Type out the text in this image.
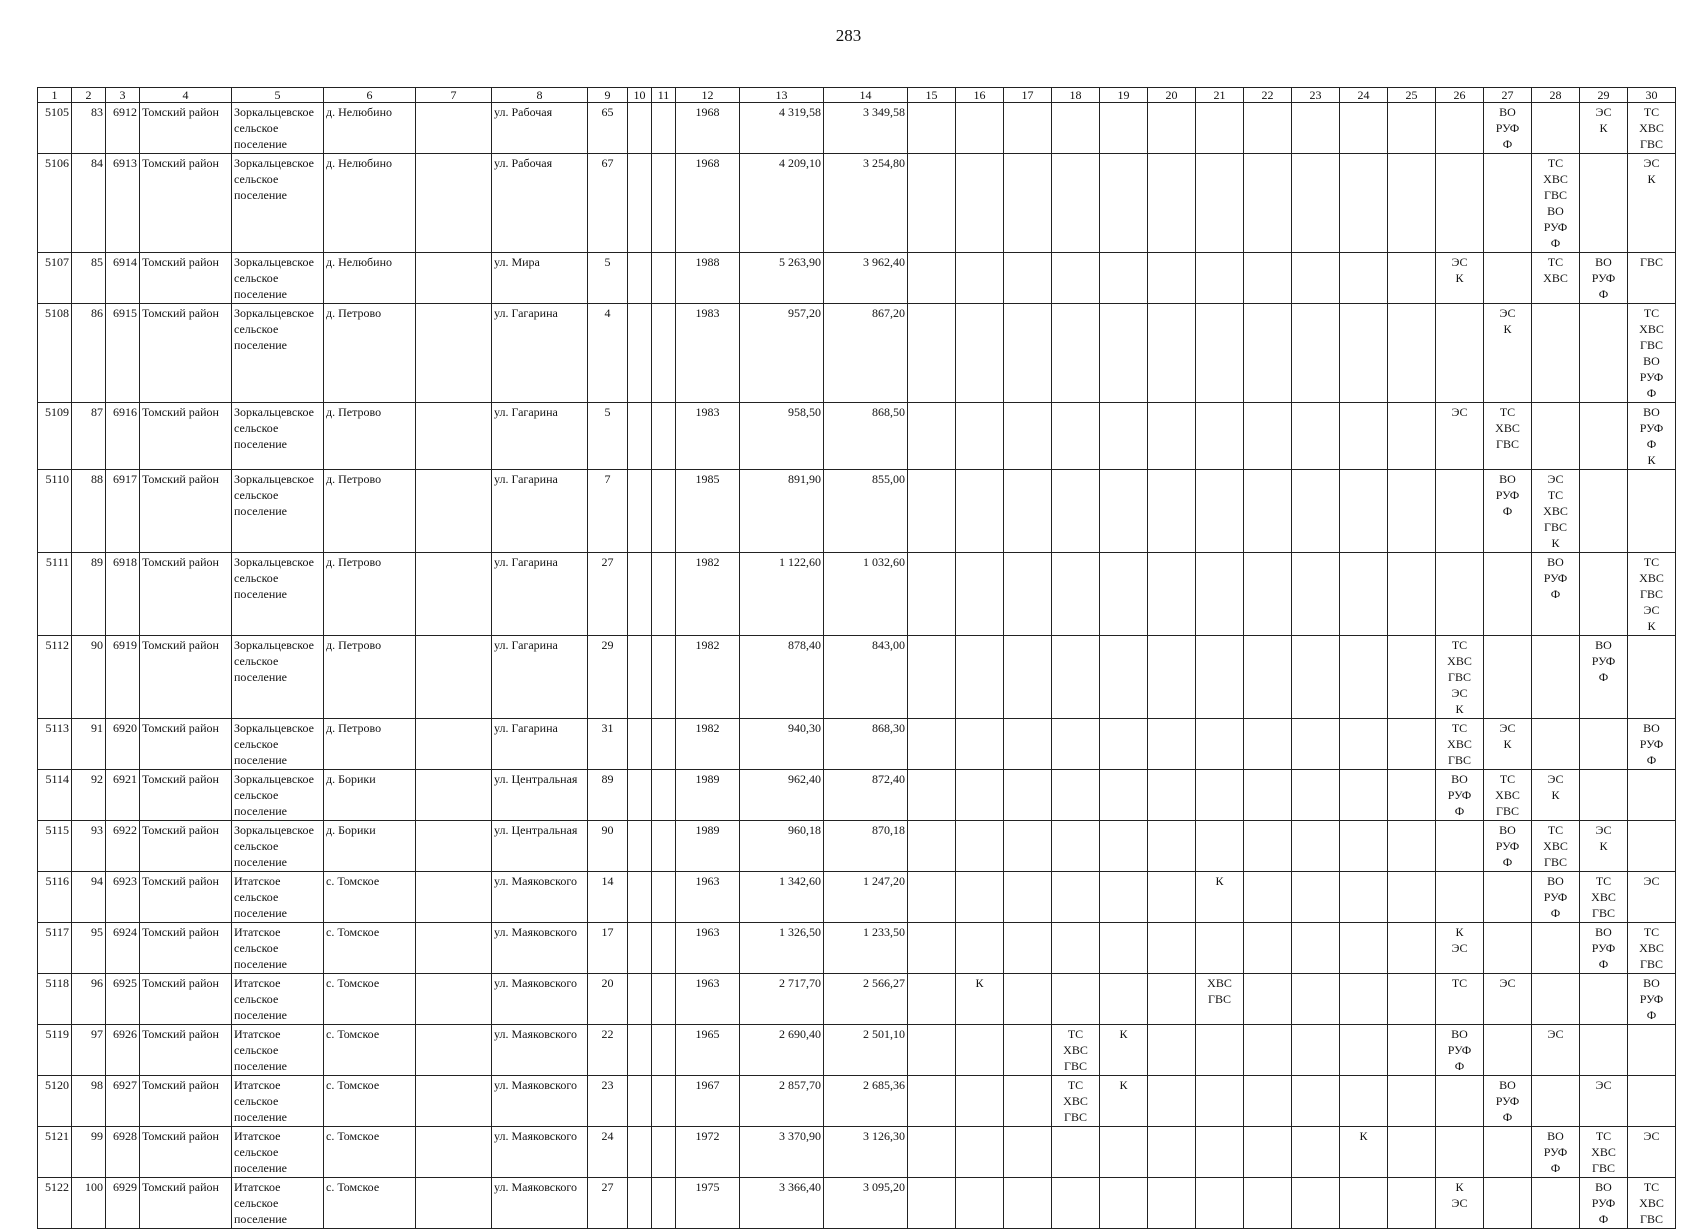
283
1	2	3	4	5	6	7	8	9	10	11	12	13	14	15	16	17	18	19	20	21	22	23	24	25	26	27	28	29	30
5105	83	6912	Томский район	Зоркальцевское сельское поселение	д. Нелюбино		ул. Рабочая	65			1968	4 319,58	3 349,58													ВО РУФ Ф		ЭС К	ТС ХВС ГВС
5106	84	6913	Томский район	Зоркальцевское сельское поселение	д. Нелюбино		ул. Рабочая	67			1968	4 209,10	3 254,80														ТС ХВС ГВС ВО РУФ Ф		ЭС К
5107	85	6914	Томский район	Зоркальцевское сельское поселение	д. Нелюбино		ул. Мира	5			1988	5 263,90	3 962,40												ЭС К		ТС ХВС	ВО РУФ Ф	ГВС
5108	86	6915	Томский район	Зоркальцевское сельское поселение	д. Петрово		ул. Гагарина	4			1983	957,20	867,20													ЭС К			ТС ХВС ГВС ВО РУФ Ф
5109	87	6916	Томский район	Зоркальцевское сельское поселение	д. Петрово		ул. Гагарина	5			1983	958,50	868,50												ЭС	ТС ХВС ГВС			ВО РУФ Ф К
5110	88	6917	Томский район	Зоркальцевское сельское поселение	д. Петрово		ул. Гагарина	7			1985	891,90	855,00													ВО РУФ Ф	ЭС ТС ХВС ГВС К		
5111	89	6918	Томский район	Зоркальцевское сельское поселение	д. Петрово		ул. Гагарина	27			1982	1 122,60	1 032,60														ВО РУФ Ф		ТС ХВС ГВС ЭС К
5112	90	6919	Томский район	Зоркальцевское сельское поселение	д. Петрово		ул. Гагарина	29			1982	878,40	843,00												ТС ХВС ГВС ЭС К			ВО РУФ Ф	
5113	91	6920	Томский район	Зоркальцевское сельское поселение	д. Петрово		ул. Гагарина	31			1982	940,30	868,30												ТС ХВС ГВС	ЭС К			ВО РУФ Ф
5114	92	6921	Томский район	Зоркальцевское сельское поселение	д. Борики		ул. Центральная	89			1989	962,40	872,40												ВО РУФ Ф	ТС ХВС ГВС	ЭС К		
5115	93	6922	Томский район	Зоркальцевское сельское поселение	д. Борики		ул. Центральная	90			1989	960,18	870,18													ВО РУФ Ф	ТС ХВС ГВС	ЭС К	
5116	94	6923	Томский район	Итатское сельское поселение	с. Томское		ул. Маяковского	14			1963	1 342,60	1 247,20							К							ВО РУФ Ф	ТС ХВС ГВС	ЭС
5117	95	6924	Томский район	Итатское сельское поселение	с. Томское		ул. Маяковского	17			1963	1 326,50	1 233,50												К ЭС			ВО РУФ Ф	ТС ХВС ГВС
5118	96	6925	Томский район	Итатское сельское поселение	с. Томское		ул. Маяковского	20			1963	2 717,70	2 566,27		К					ХВС ГВС					ТС	ЭС			ВО РУФ Ф
5119	97	6926	Томский район	Итатское сельское поселение	с. Томское		ул. Маяковского	22			1965	2 690,40	2 501,10				ТС ХВС ГВС	К							ВО РУФ Ф		ЭС		
5120	98	6927	Томский район	Итатское сельское поселение	с. Томское		ул. Маяковского	23			1967	2 857,70	2 685,36				ТС ХВС ГВС	К								ВО РУФ Ф		ЭС	
5121	99	6928	Томский район	Итатское сельское поселение	с. Томское		ул. Маяковского	24			1972	3 370,90	3 126,30										К				ВО РУФ Ф	ТС ХВС ГВС	ЭС
5122	100	6929	Томский район	Итатское сельское поселение	с. Томское		ул. Маяковского	27			1975	3 366,40	3 095,20												К ЭС			ВО РУФ Ф	ТС ХВС ГВС
